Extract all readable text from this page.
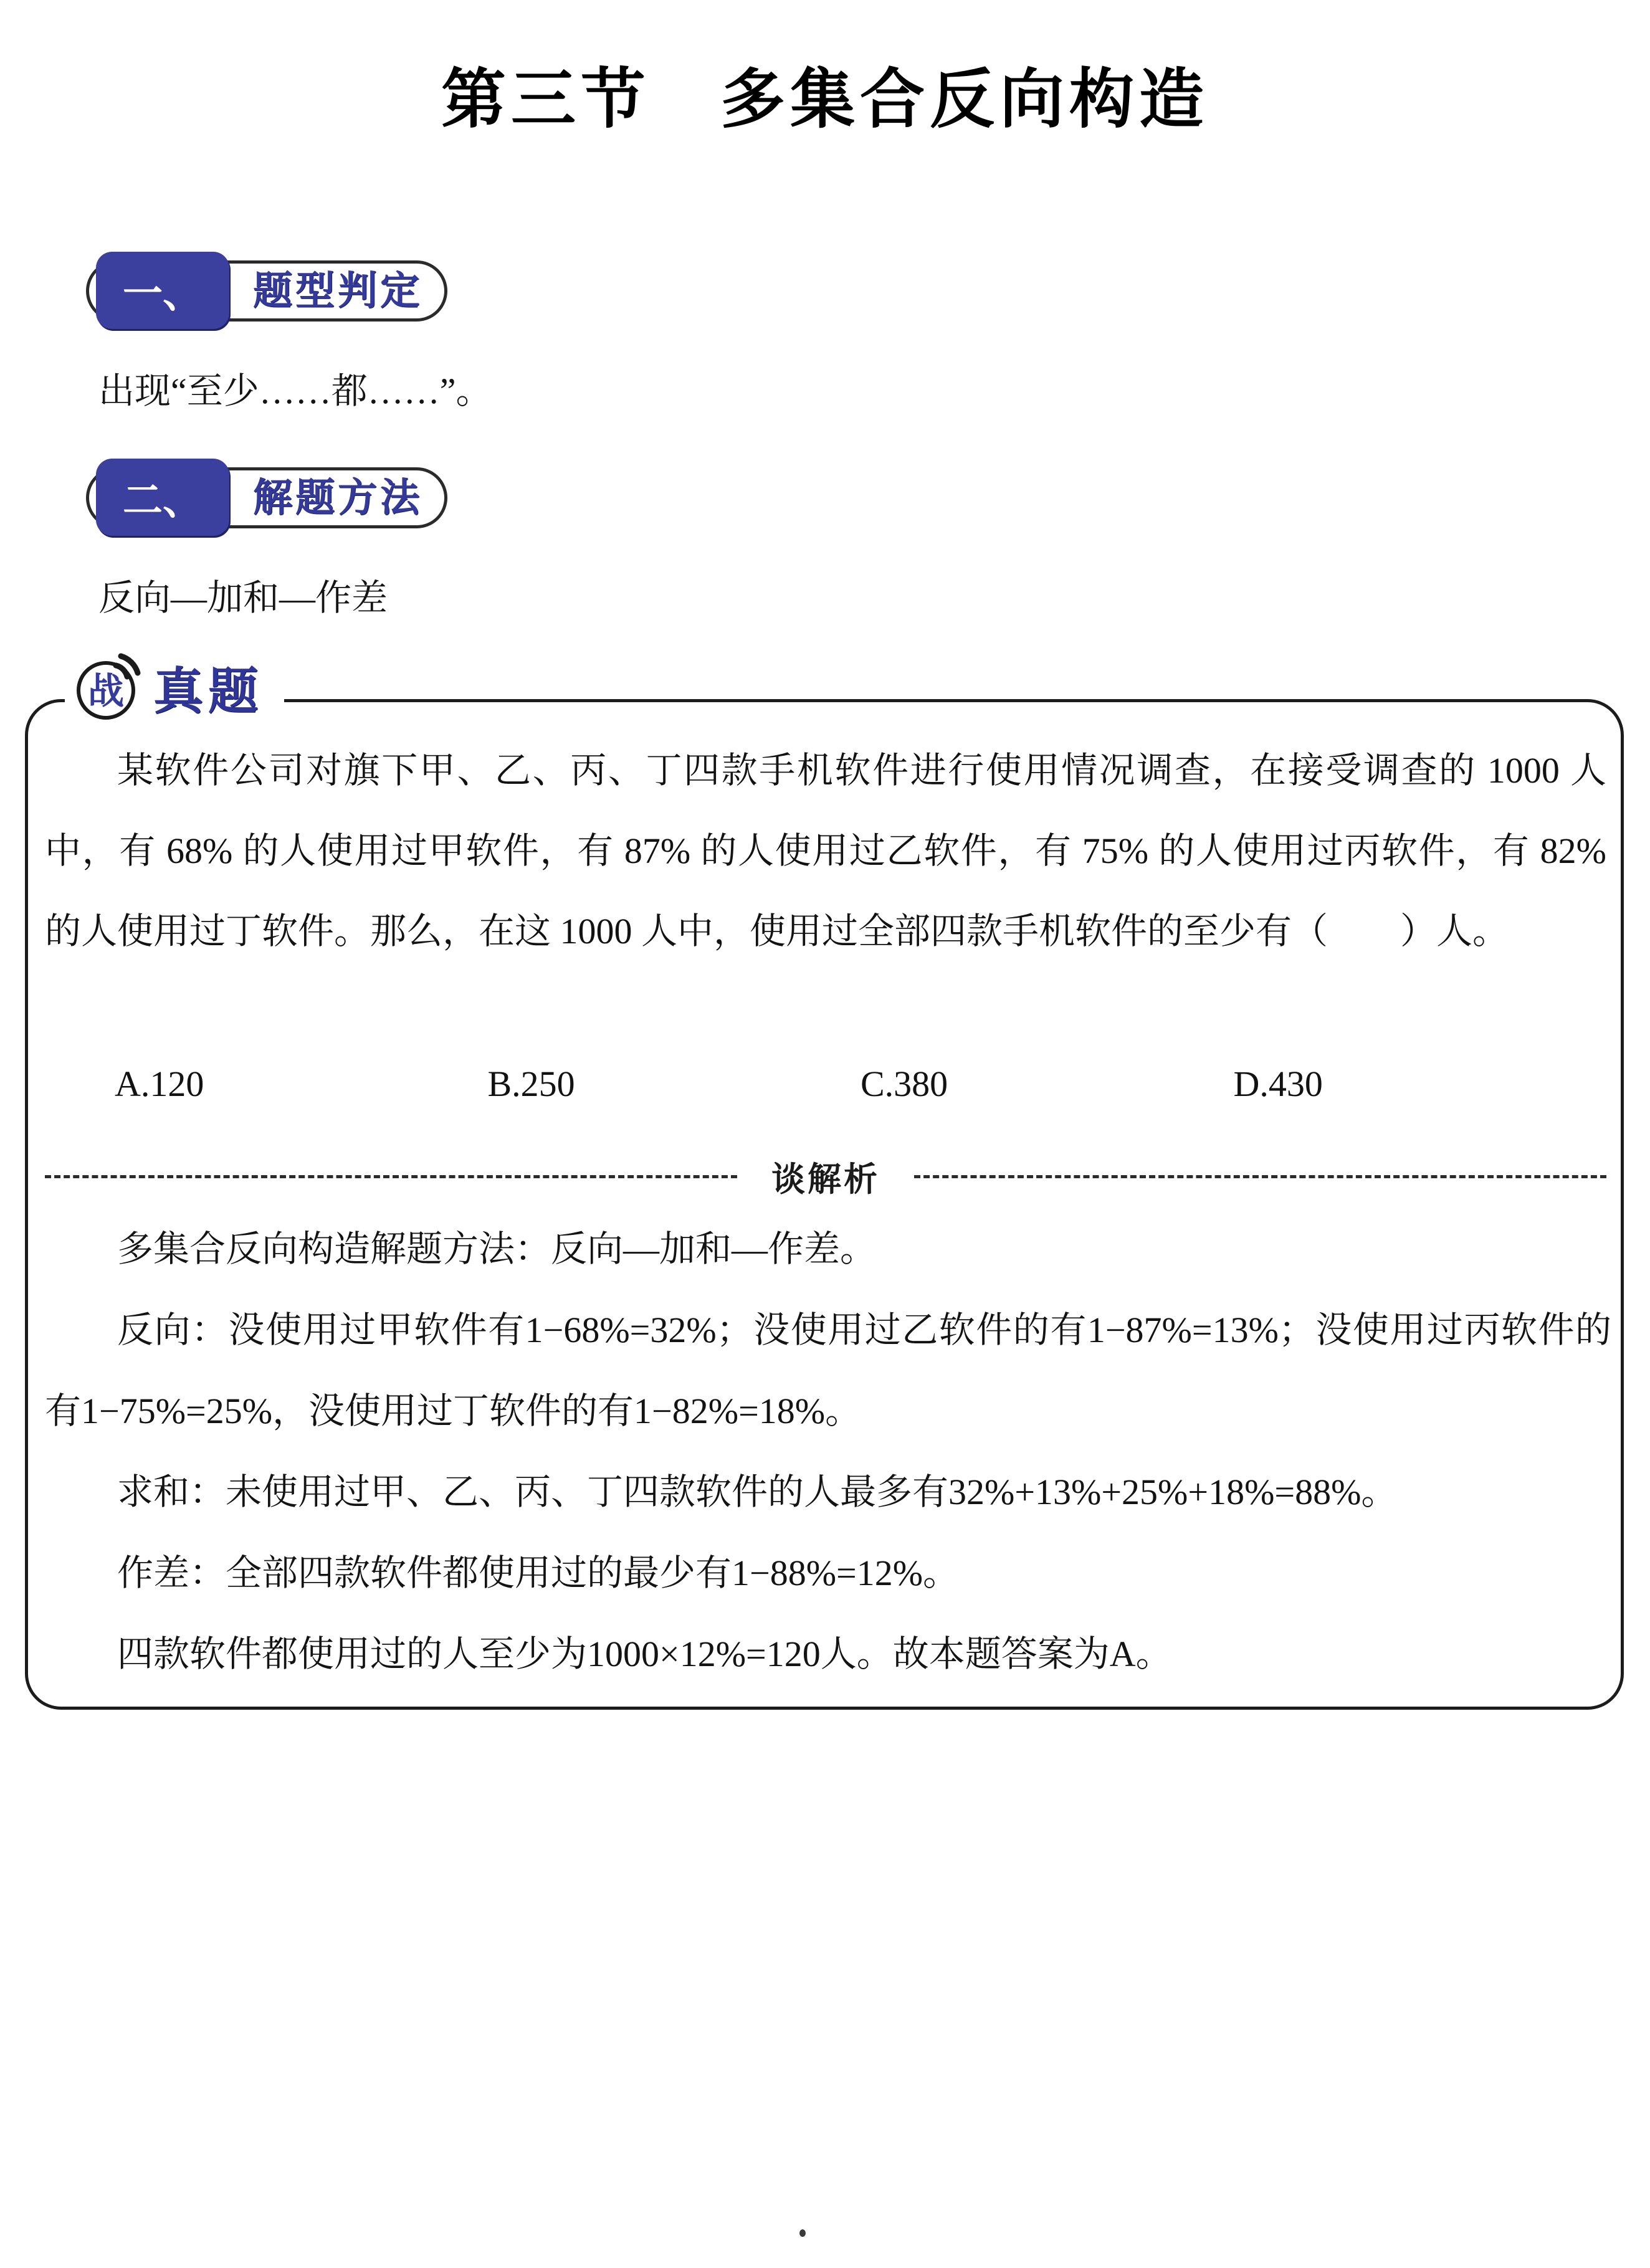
第三节　多集合反向构造
一、	题型判定

出现“至少……都……”。

二、	解题方法

反向—加和—作差

战 真题

某软件公司对旗下甲、乙、丙、丁四款手机软件进行使用情况调查，在接受调查的 1000 人中，有 68% 的人使用过甲软件，有 87% 的人使用过乙软件，有 75% 的人使用过丙软件，有 82% 的人使用过丁软件。那么，在这 1000 人中，使用过全部四款手机软件的至少有（　　）人。

A.120	B.250	C.380	D.430
谈解析

多集合反向构造解题方法：反向—加和—作差。

反向：没使用过甲软件有1−68%=32%；没使用过乙软件的有1−87%=13%；没使用过丙软件的有1−75%=25%，没使用过丁软件的有1−82%=18%。

求和：未使用过甲、乙、丙、丁四款软件的人最多有32%+13%+25%+18%=88%。

作差：全部四款软件都使用过的最少有1−88%=12%。

四款软件都使用过的人至少为1000×12%=120人。故本题答案为A。
